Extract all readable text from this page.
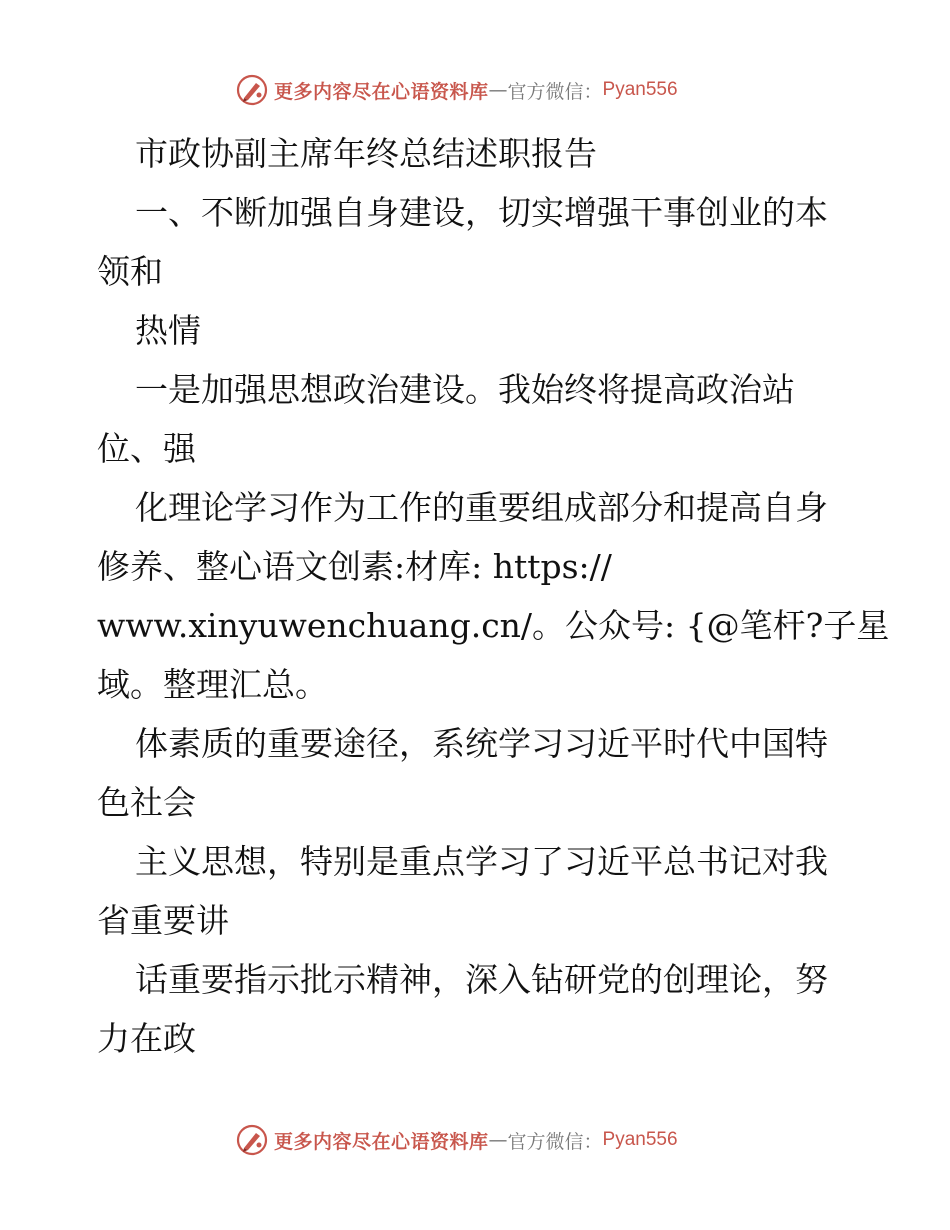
更多内容尽在心语资料库 — 官方微信： Pyan556
市政协副主席年终总结述职报告
一、不断加强自身建设，切实增强干事创业的本
领和
热情
一是加强思想政治建设。我始终将提高政治站
位、强
化理论学习作为工作的重要组成部分和提高自身
修养、整心语文创素:材库: https://
www.xinyuwenchuang.cn/。公众号: {@笔杆?子星
域。整理汇总。
体素质的重要途径，系统学习习近平时代中国特
色社会
主义思想，特别是重点学习了习近平总书记对我
省重要讲
话重要指示批示精神，深入钻研党的创理论，努
力在政
更多内容尽在心语资料库 — 官方微信： Pyan556
